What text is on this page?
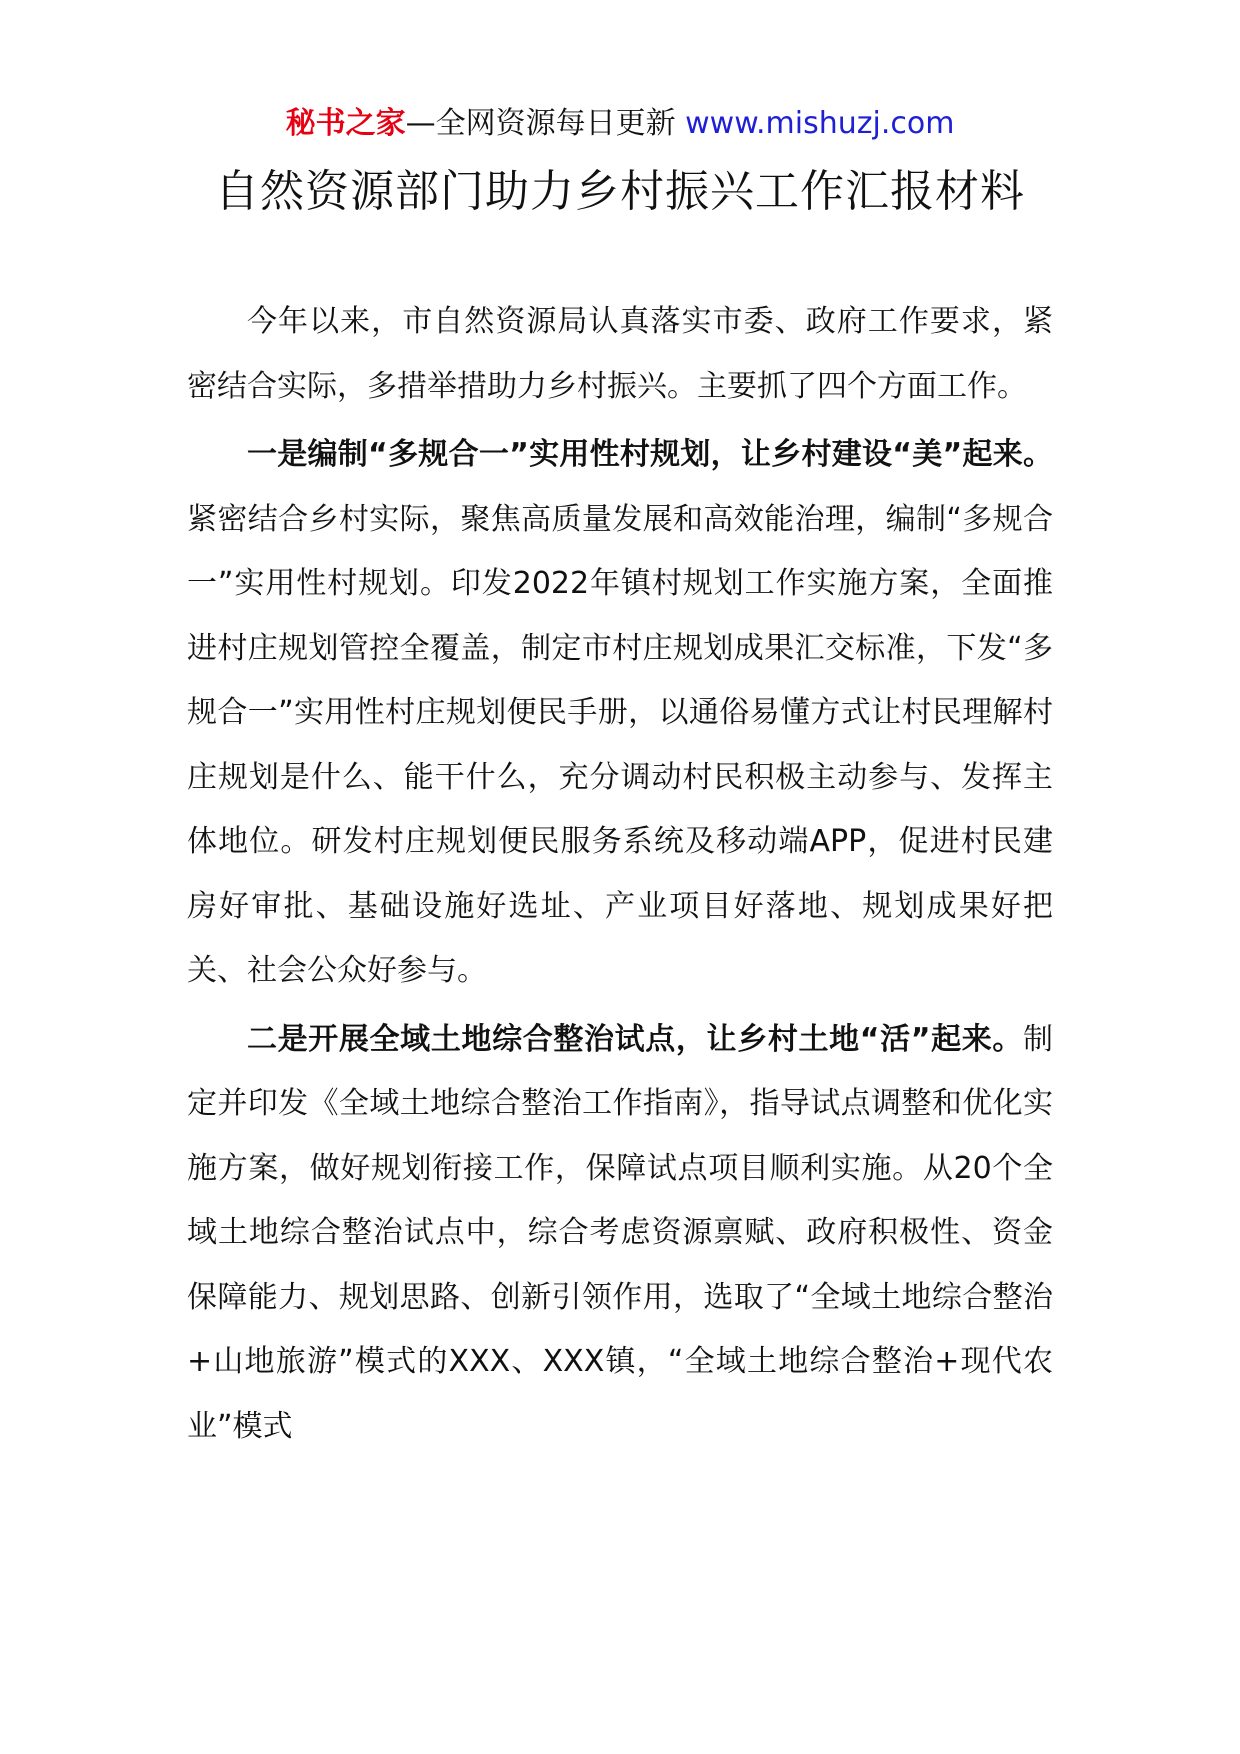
秘书之家—全网资源每日更新 www.mishuzj.com
自然资源部门助力乡村振兴工作汇报材料

今年以来，市自然资源局认真落实市委、政府工作要求，紧密结合实际，多措举措助力乡村振兴。主要抓了四个方面工作。

一是编制“多规合一”实用性村规划，让乡村建设“美”起来。紧密结合乡村实际，聚焦高质量发展和高效能治理，编制“多规合一”实用性村规划。印发2022年镇村规划工作实施方案，全面推进村庄规划管控全覆盖，制定市村庄规划成果汇交标准，下发“多规合一”实用性村庄规划便民手册，以通俗易懂方式让村民理解村庄规划是什么、能干什么，充分调动村民积极主动参与、发挥主体地位。研发村庄规划便民服务系统及移动端APP，促进村民建房好审批、基础设施好选址、产业项目好落地、规划成果好把关、社会公众好参与。

二是开展全域土地综合整治试点，让乡村土地“活”起来。制定并印发《全域土地综合整治工作指南》，指导试点调整和优化实施方案，做好规划衔接工作，保障试点项目顺利实施。从20个全域土地综合整治试点中，综合考虑资源禀赋、政府积极性、资金保障能力、规划思路、创新引领作用，选取了“全域土地综合整治+山地旅游”模式的XXX、XXX镇，“全域土地综合整治+现代农业”模式
